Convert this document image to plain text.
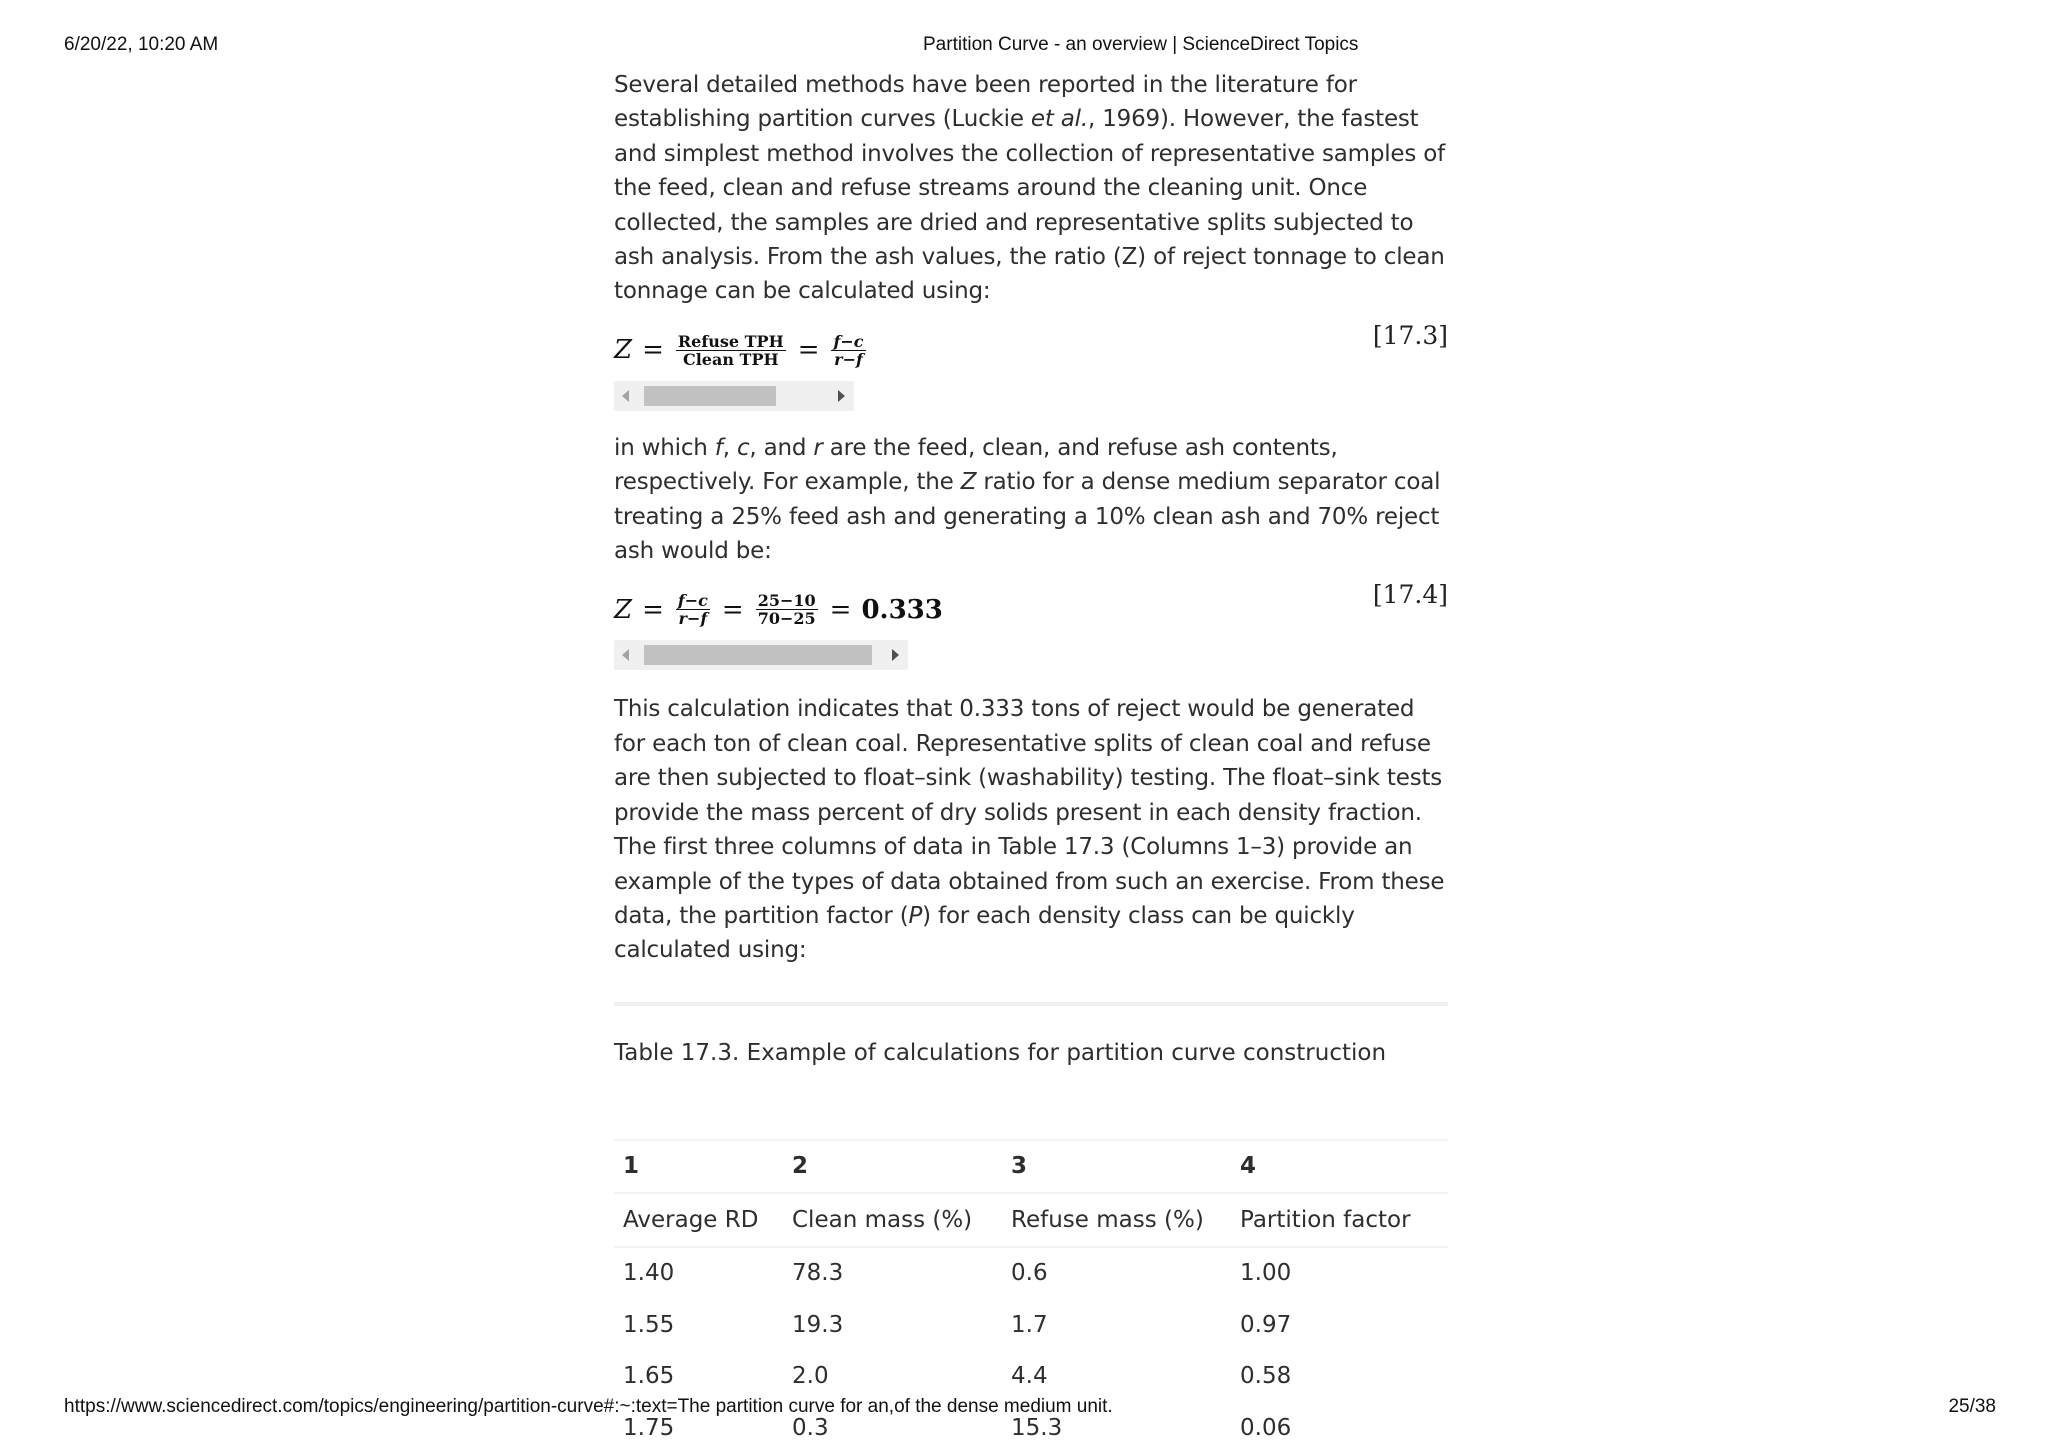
6/20/22, 10:20 AM	Partition Curve - an overview | ScienceDirect Topics

Several detailed methods have been reported in the literature for establishing partition curves (Luckie et al., 1969). However, the fastest and simplest method involves the collection of representative samples of the feed, clean and refuse streams around the cleaning unit. Once collected, the samples are dried and representative splits subjected to ash analysis. From the ash values, the ratio (Z) of reject tonnage to clean tonnage can be calculated using:

$Z = \frac{\text{Refuse TPH}}{\text{Clean TPH}} = \frac{f-c}{r-f}$	[17.3]

in which f, c, and r are the feed, clean, and refuse ash contents, respectively. For example, the Z ratio for a dense medium separator coal treating a 25% feed ash and generating a 10% clean ash and 70% reject ash would be:

$Z = \frac{f-c}{r-f} = \frac{25-10}{70-25} = 0.333$	[17.4]

This calculation indicates that 0.333 tons of reject would be generated for each ton of clean coal. Representative splits of clean coal and refuse are then subjected to float–sink (washability) testing. The float–sink tests provide the mass percent of dry solids present in each density fraction. The first three columns of data in Table 17.3 (Columns 1–3) provide an example of the types of data obtained from such an exercise. From these data, the partition factor (P) for each density class can be quickly calculated using:

Table 17.3. Example of calculations for partition curve construction
1	2	3	4
Average RD	Clean mass (%)	Refuse mass (%)	Partition factor
1.40	78.3	0.6	1.00
1.55	19.3	1.7	0.97
1.65	2.0	4.4	0.58
1.75	0.3	15.3	0.06
https://www.sciencedirect.com/topics/engineering/partition-curve#:~:text=The partition curve for an,of the dense medium unit.	25/38
